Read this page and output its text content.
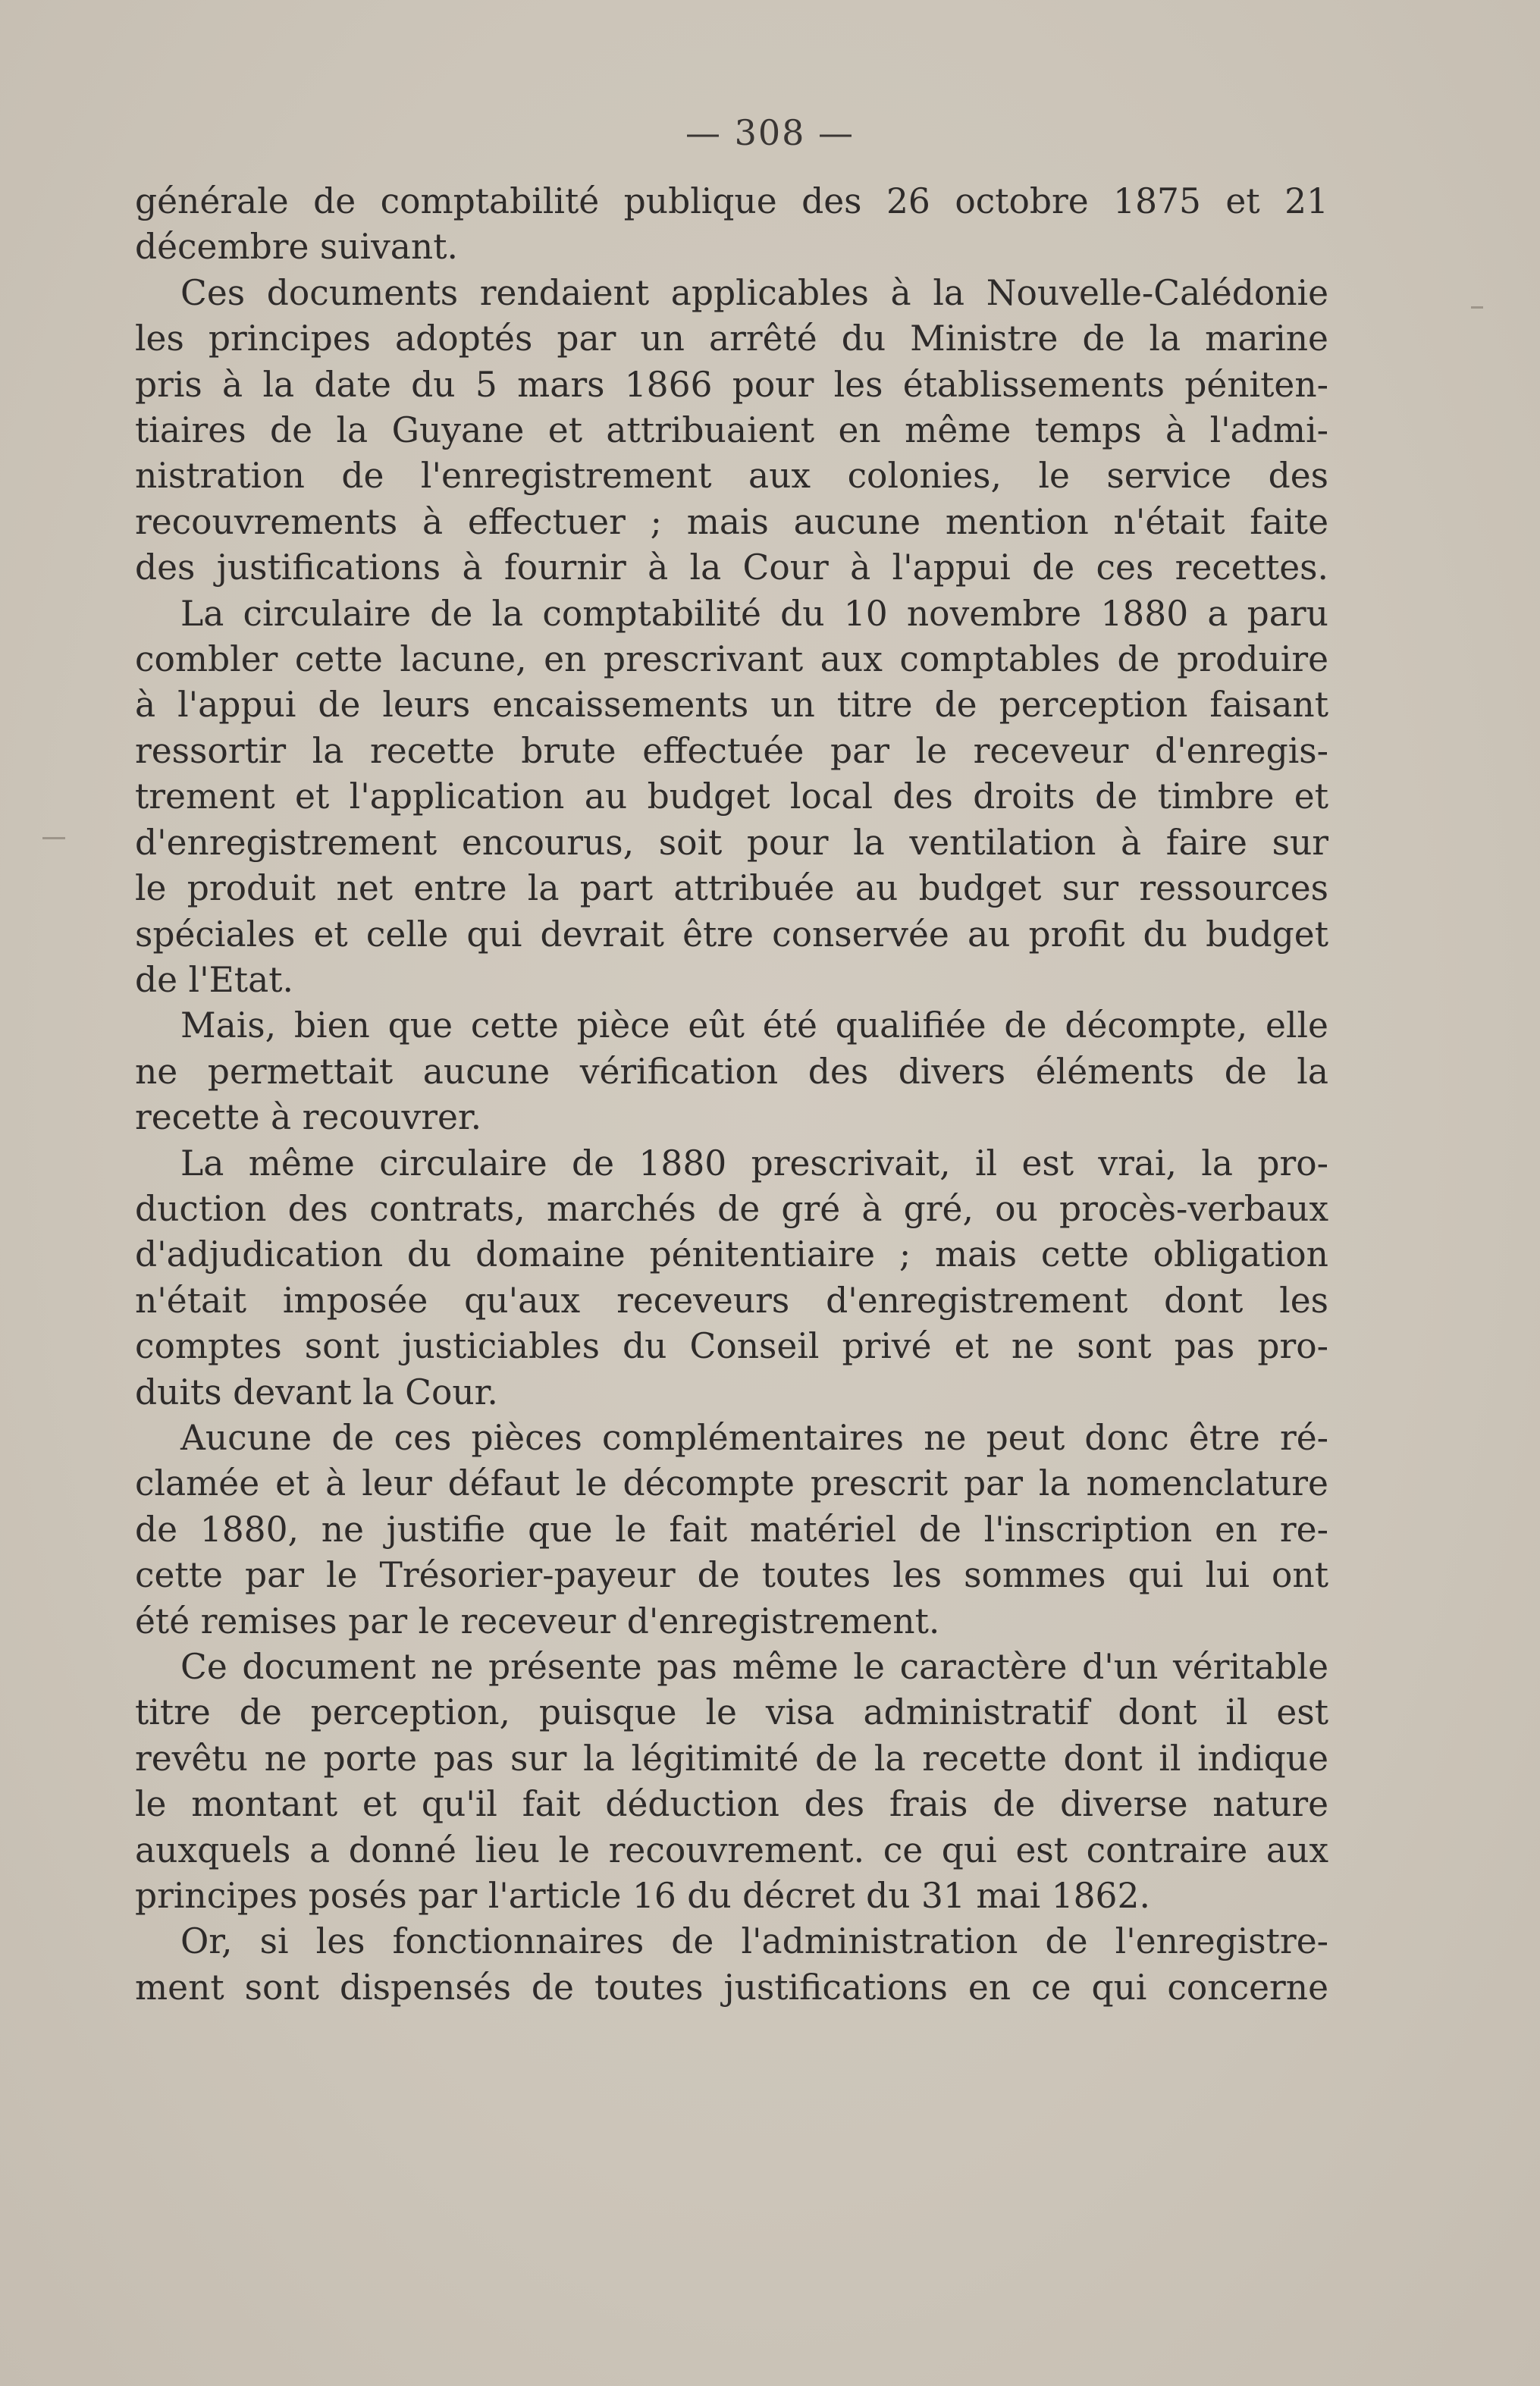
— 308 —
générale de comptabilité publique des 26 octobre 1875 et 21
décembre suivant.
Ces documents rendaient applicables à la Nouvelle-Calédonie
les principes adoptés par un arrêté du Ministre de la marine
pris à la date du 5 mars 1866 pour les établissements péniten-
tiaires de la Guyane et attribuaient en même temps à l'admi-
nistration de l'enregistrement aux colonies, le service des
recouvrements à effectuer ; mais aucune mention n'était faite
des justifications à fournir à la Cour à l'appui de ces recettes.
La circulaire de la comptabilité du 10 novembre 1880 a paru
combler cette lacune, en prescrivant aux comptables de produire
à l'appui de leurs encaissements un titre de perception faisant
ressortir la recette brute effectuée par le receveur d'enregis-
trement et l'application au budget local des droits de timbre et
d'enregistrement encourus, soit pour la ventilation à faire sur
le produit net entre la part attribuée au budget sur ressources
spéciales et celle qui devrait être conservée au profit du budget
de l'Etat.
Mais, bien que cette pièce eût été qualifiée de décompte, elle
ne permettait aucune vérification des divers éléments de la
recette à recouvrer.
La même circulaire de 1880 prescrivait, il est vrai, la pro-
duction des contrats, marchés de gré à gré, ou procès-verbaux
d'adjudication du domaine pénitentiaire ; mais cette obligation
n'était imposée qu'aux receveurs d'enregistrement dont les
comptes sont justiciables du Conseil privé et ne sont pas pro-
duits devant la Cour.
Aucune de ces pièces complémentaires ne peut donc être ré-
clamée et à leur défaut le décompte prescrit par la nomenclature
de 1880, ne justifie que le fait matériel de l'inscription en re-
cette par le Trésorier-payeur de toutes les sommes qui lui ont
été remises par le receveur d'enregistrement.
Ce document ne présente pas même le caractère d'un véritable
titre de perception, puisque le visa administratif dont il est
revêtu ne porte pas sur la légitimité de la recette dont il indique
le montant et qu'il fait déduction des frais de diverse nature
auxquels a donné lieu le recouvrement. ce qui est contraire aux
principes posés par l'article 16 du décret du 31 mai 1862.
Or, si les fonctionnaires de l'administration de l'enregistre-
ment sont dispensés de toutes justifications en ce qui concerne
